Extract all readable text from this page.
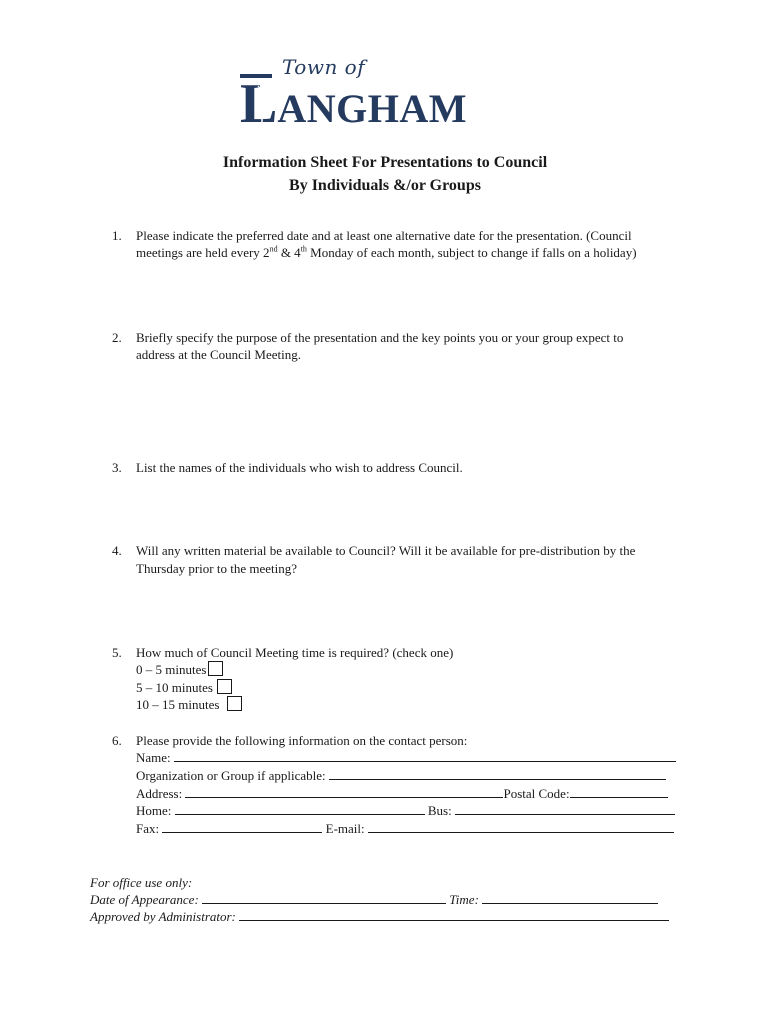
Town of
LANGHAM
Information Sheet For Presentations to Council
By Individuals &/or Groups
1. Please indicate the preferred date and at least one alternative date for the presentation. (Council
meetings are held every 2nd & 4th Monday of each month, subject to change if falls on a holiday)
2. Briefly specify the purpose of the presentation and the key points you or your group expect to
address at the Council Meeting.
3. List the names of the individuals who wish to address Council.
4. Will any written material be available to Council? Will it be available for pre-distribution by the
Thursday prior to the meeting?
5. How much of Council Meeting time is required? (check one)
0 – 5 minutes
5 – 10 minutes
10 – 15 minutes
6. Please provide the following information on the contact person:
Name:
Organization or Group if applicable:
Address:	Postal Code:
Home:	Bus:
Fax:	E-mail:
For office use only:
Date of Appearance:	Time:
Approved by Administrator:
